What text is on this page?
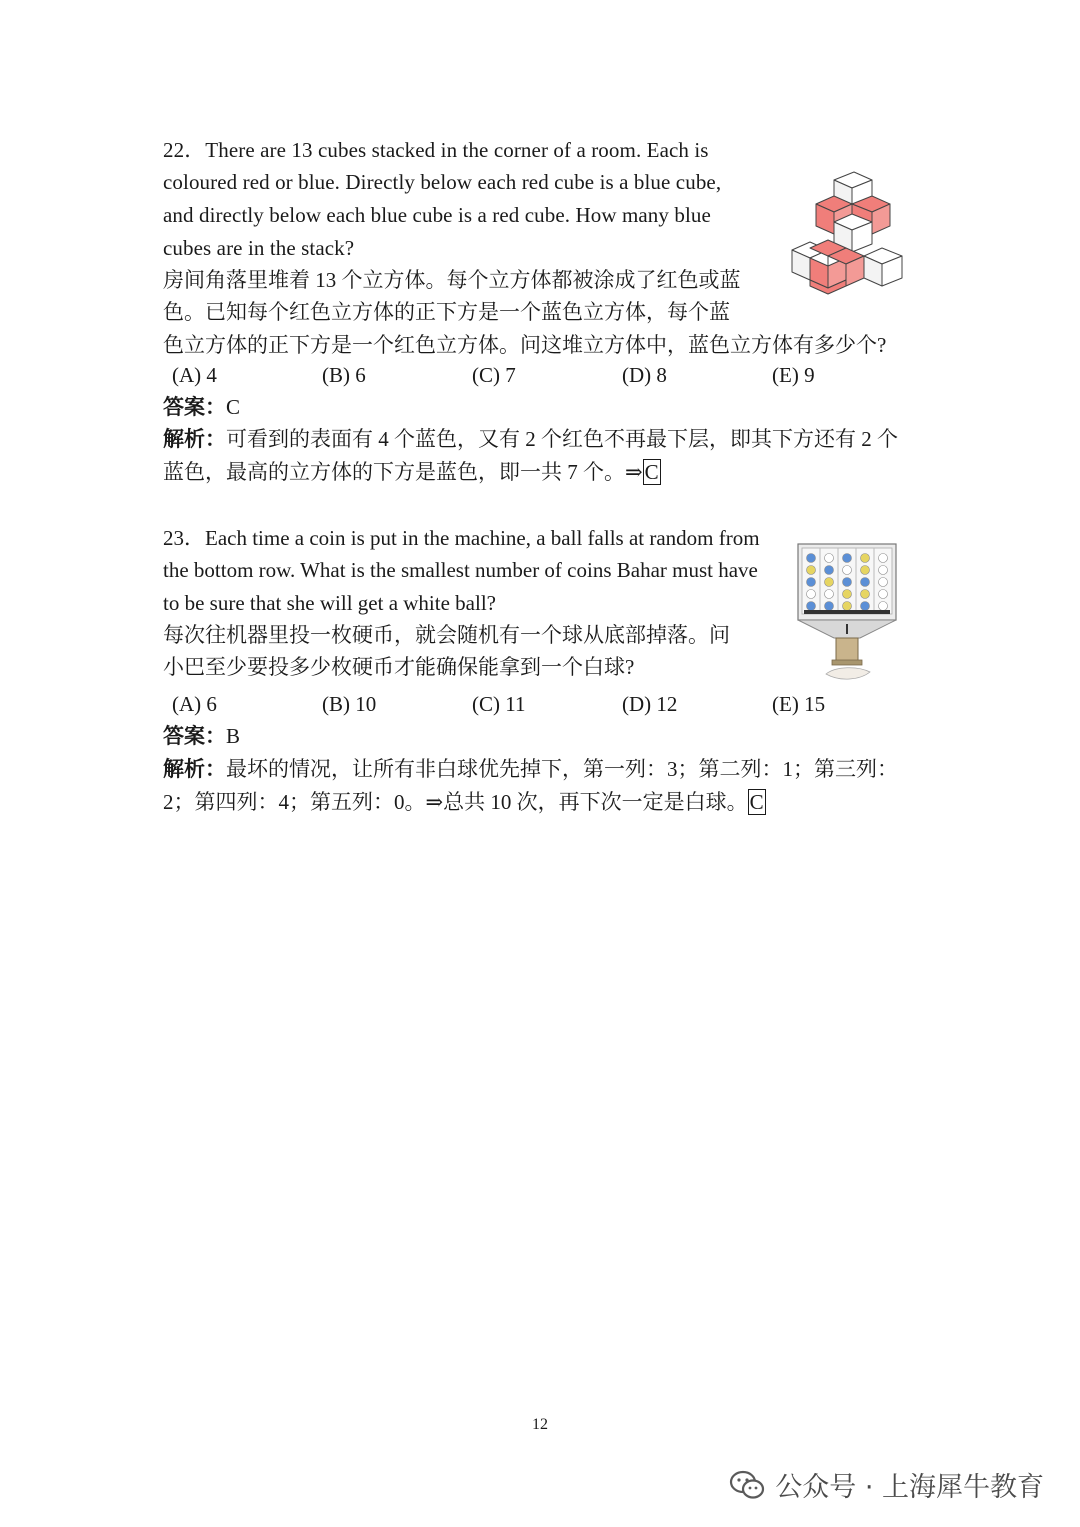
22．There are 13 cubes stacked in the corner of a room. Each is
coloured red or blue. Directly below each red cube is a blue cube,
and directly below each blue cube is a red cube. How many blue
cubes are in the stack?
房间角落里堆着 13 个立方体。每个立方体都被涂成了红色或蓝
色。已知每个红色立方体的正下方是一个蓝色立方体，每个蓝
色立方体的正下方是一个红色立方体。问这堆立方体中，蓝色立方体有多少个?
(A) 4	(B) 6	(C) 7	(D) 8	(E) 9
答案：C
解析：可看到的表面有 4 个蓝色，又有 2 个红色不再最下层，即其下方还有 2 个
蓝色，最高的立方体的下方是蓝色，即一共 7 个。⇒C
23．Each time a coin is put in the machine, a ball falls at random from
the bottom row. What is the smallest number of coins Bahar must have
to be sure that she will get a white ball?
每次往机器里投一枚硬币，就会随机有一个球从底部掉落。问
小巴至少要投多少枚硬币才能确保能拿到一个白球?
(A) 6	(B) 10	(C) 11	(D) 12	(E) 15
答案：B
解析：最坏的情况，让所有非白球优先掉下，第一列：3；第二列：1；第三列：
2；第四列：4；第五列：0。⇒总共 10 次，再下次一定是白球。C
12
公众号 · 上海犀牛教育
